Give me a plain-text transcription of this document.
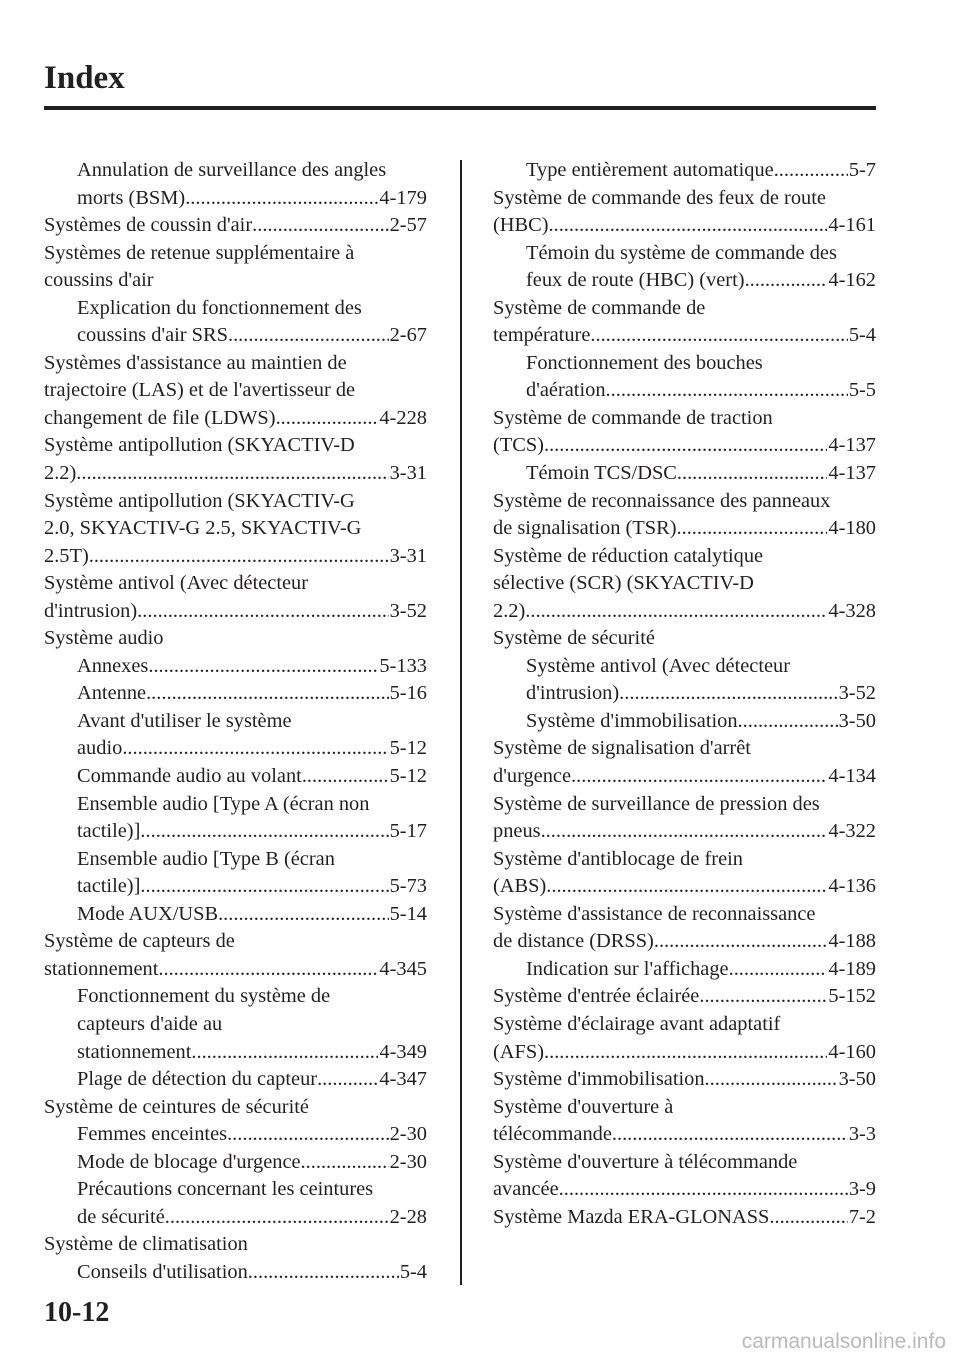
Index
Annulation de surveillance des angles
morts (BSM) .....	4-179
Systèmes de coussin d'air .....	2-57
Systèmes de retenue supplémentaire à
coussins d'air
Explication du fonctionnement des
coussins d'air SRS .....	2-67
Systèmes d'assistance au maintien de
trajectoire (LAS) et de l'avertisseur de
changement de file (LDWS) .....	4-228
Système antipollution (SKYACTIV-D
2.2) .....	3-31
Système antipollution (SKYACTIV-G
2.0, SKYACTIV-G 2.5, SKYACTIV-G
2.5T) .....	3-31
Système antivol (Avec détecteur
d'intrusion) .....	3-52
Système audio
Annexes .....	5-133
Antenne .....	5-16
Avant d'utiliser le système
audio .....	5-12
Commande audio au volant .....	5-12
Ensemble audio [Type A (écran non
tactile)] .....	5-17
Ensemble audio [Type B (écran
tactile)] .....	5-73
Mode AUX/USB .....	5-14
Système de capteurs de
stationnement .....	4-345
Fonctionnement du système de
capteurs d'aide au
stationnement .....	4-349
Plage de détection du capteur .....	4-347
Système de ceintures de sécurité
Femmes enceintes .....	2-30
Mode de blocage d'urgence .....	2-30
Précautions concernant les ceintures
de sécurité .....	2-28
Système de climatisation
Conseils d'utilisation .....	5-4
Type entièrement automatique .....	5-7
Système de commande des feux de route
(HBC) .....	4-161
Témoin du système de commande des
feux de route (HBC) (vert) .....	4-162
Système de commande de
température .....	5-4
Fonctionnement des bouches
d'aération .....	5-5
Système de commande de traction
(TCS) .....	4-137
Témoin TCS/DSC .....	4-137
Système de reconnaissance des panneaux
de signalisation (TSR) .....	4-180
Système de réduction catalytique
sélective (SCR) (SKYACTIV-D
2.2) .....	4-328
Système de sécurité
Système antivol (Avec détecteur
d'intrusion) .....	3-52
Système d'immobilisation .....	3-50
Système de signalisation d'arrêt
d'urgence .....	4-134
Système de surveillance de pression des
pneus .....	4-322
Système d'antiblocage de frein
(ABS) .....	4-136
Système d'assistance de reconnaissance
de distance (DRSS) .....	4-188
Indication sur l'affichage .....	4-189
Système d'entrée éclairée .....	5-152
Système d'éclairage avant adaptatif
(AFS) .....	4-160
Système d'immobilisation .....	3-50
Système d'ouverture à
télécommande .....	3-3
Système d'ouverture à télécommande
avancée .....	3-9
Système Mazda ERA-GLONASS .....	7-2

10-12

carmanualsonline.info
